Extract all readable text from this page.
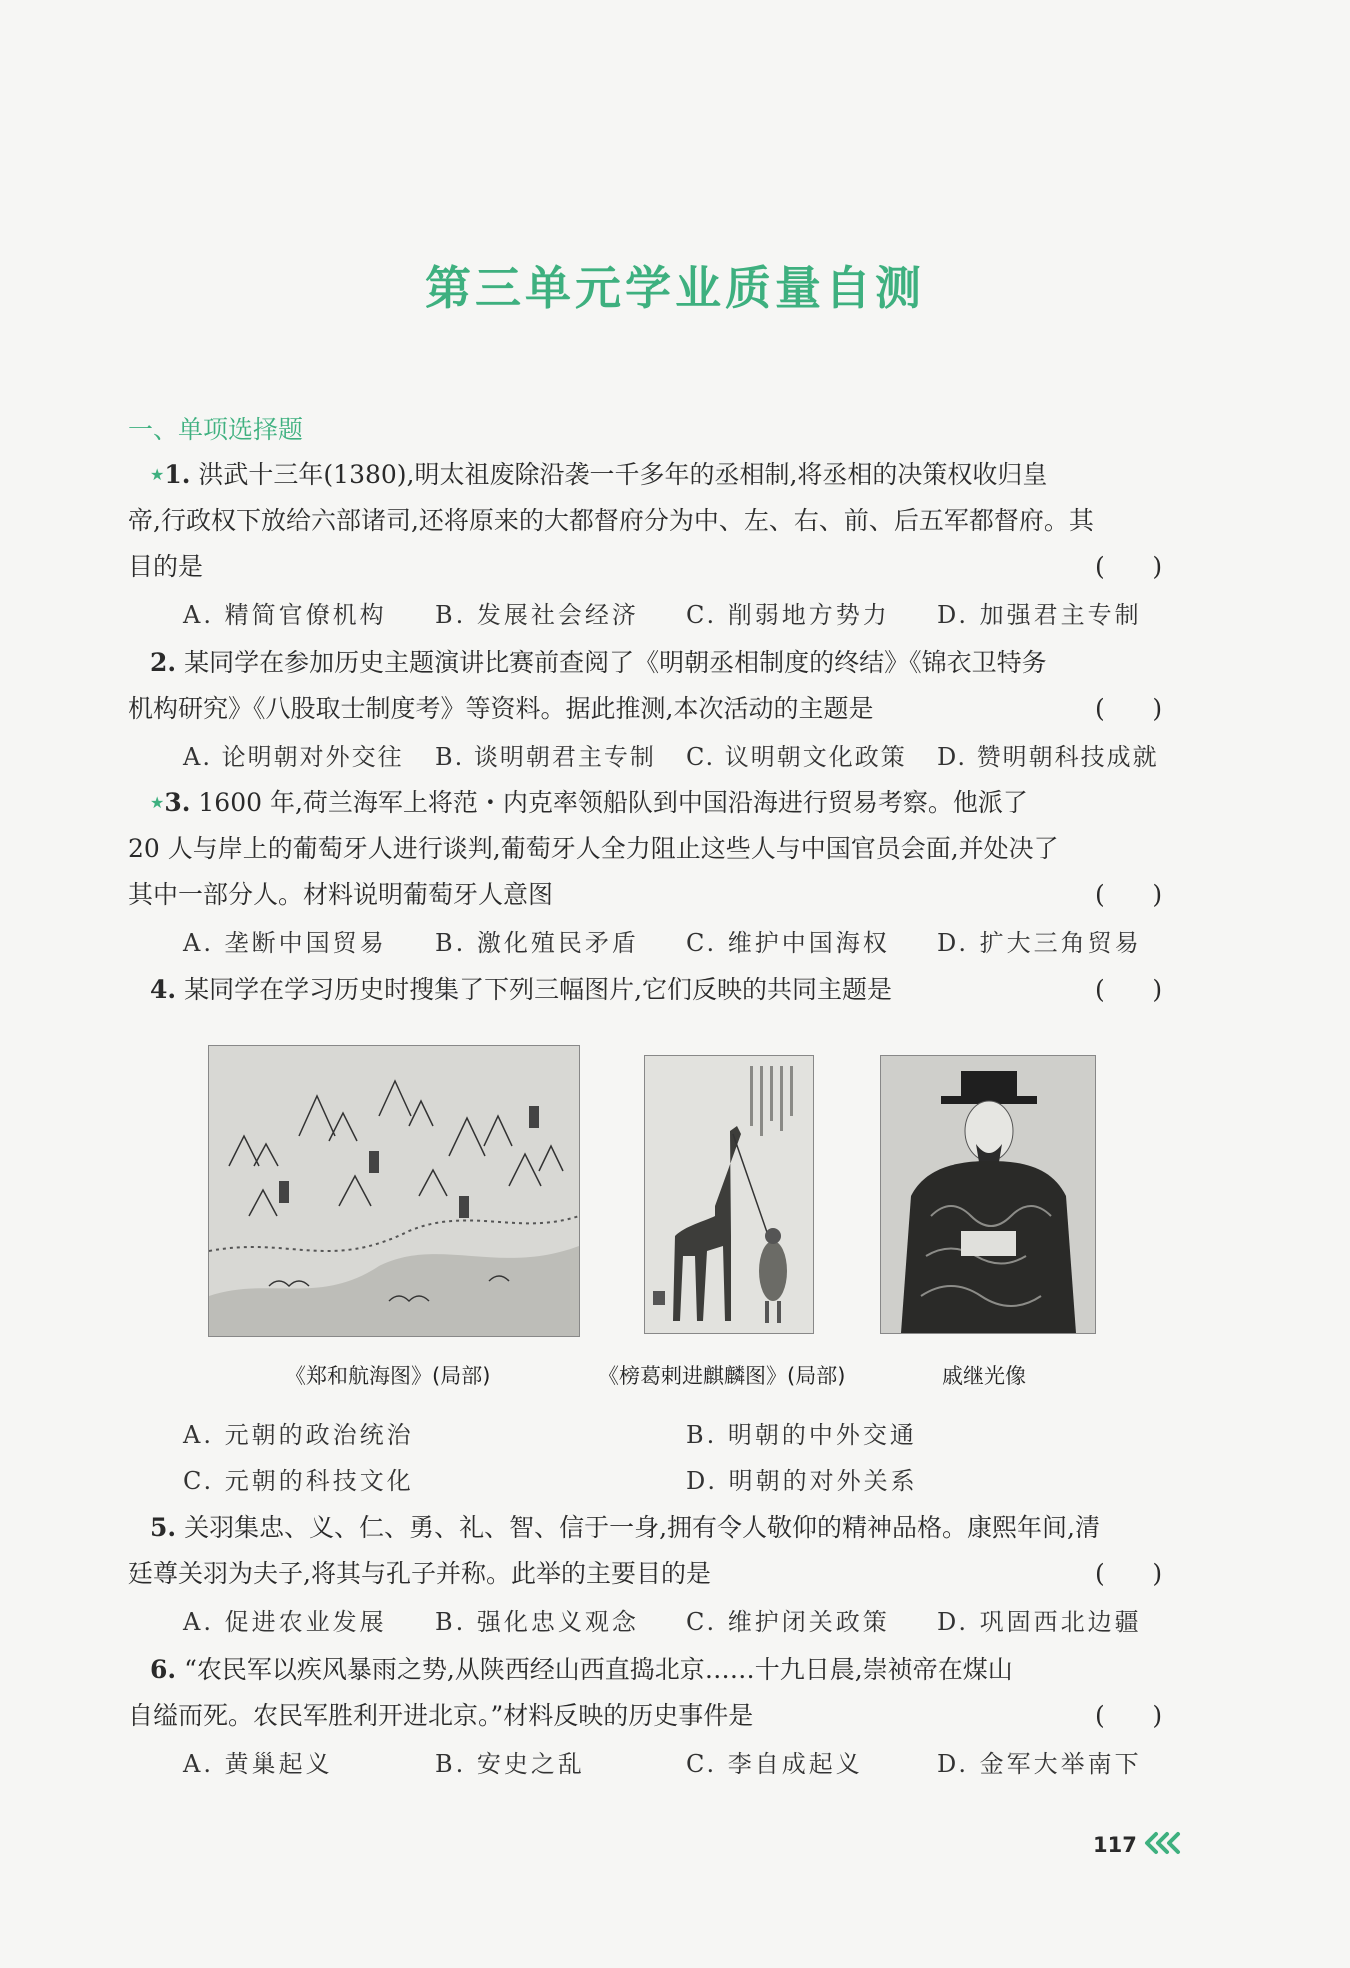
第三单元学业质量自测
一、单项选择题
★1. 洪武十三年(1380),明太祖废除沿袭一千多年的丞相制,将丞相的决策权收归皇
帝,行政权下放给六部诸司,还将原来的大都督府分为中、左、右、前、后五军都督府。其
目的是	(      )
A. 精简官僚机构 B. 发展社会经济 C. 削弱地方势力 D. 加强君主专制
2. 某同学在参加历史主题演讲比赛前查阅了《明朝丞相制度的终结》《锦衣卫特务
机构研究》《八股取士制度考》等资料。据此推测,本次活动的主题是	(      )
A. 论明朝对外交往 B. 谈明朝君主专制 C. 议明朝文化政策 D. 赞明朝科技成就
★3. 1600 年,荷兰海军上将范・内克率领船队到中国沿海进行贸易考察。他派了
20 人与岸上的葡萄牙人进行谈判,葡萄牙人全力阻止这些人与中国官员会面,并处决了
其中一部分人。材料说明葡萄牙人意图	(      )
A. 垄断中国贸易 B. 激化殖民矛盾 C. 维护中国海权 D. 扩大三角贸易
4. 某同学在学习历史时搜集了下列三幅图片,它们反映的共同主题是	(      )
《郑和航海图》(局部)	《榜葛剌进麒麟图》(局部)	戚继光像
A. 元朝的政治统治	B. 明朝的中外交通
C. 元朝的科技文化	D. 明朝的对外关系
5. 关羽集忠、义、仁、勇、礼、智、信于一身,拥有令人敬仰的精神品格。康熙年间,清
廷尊关羽为夫子,将其与孔子并称。此举的主要目的是	(      )
A. 促进农业发展 B. 强化忠义观念 C. 维护闭关政策 D. 巩固西北边疆
6. “农民军以疾风暴雨之势,从陕西经山西直捣北京……十九日晨,崇祯帝在煤山
自缢而死。农民军胜利开进北京。”材料反映的历史事件是	(      )
A. 黄巢起义	B. 安史之乱	C. 李自成起义	D. 金军大举南下
117
